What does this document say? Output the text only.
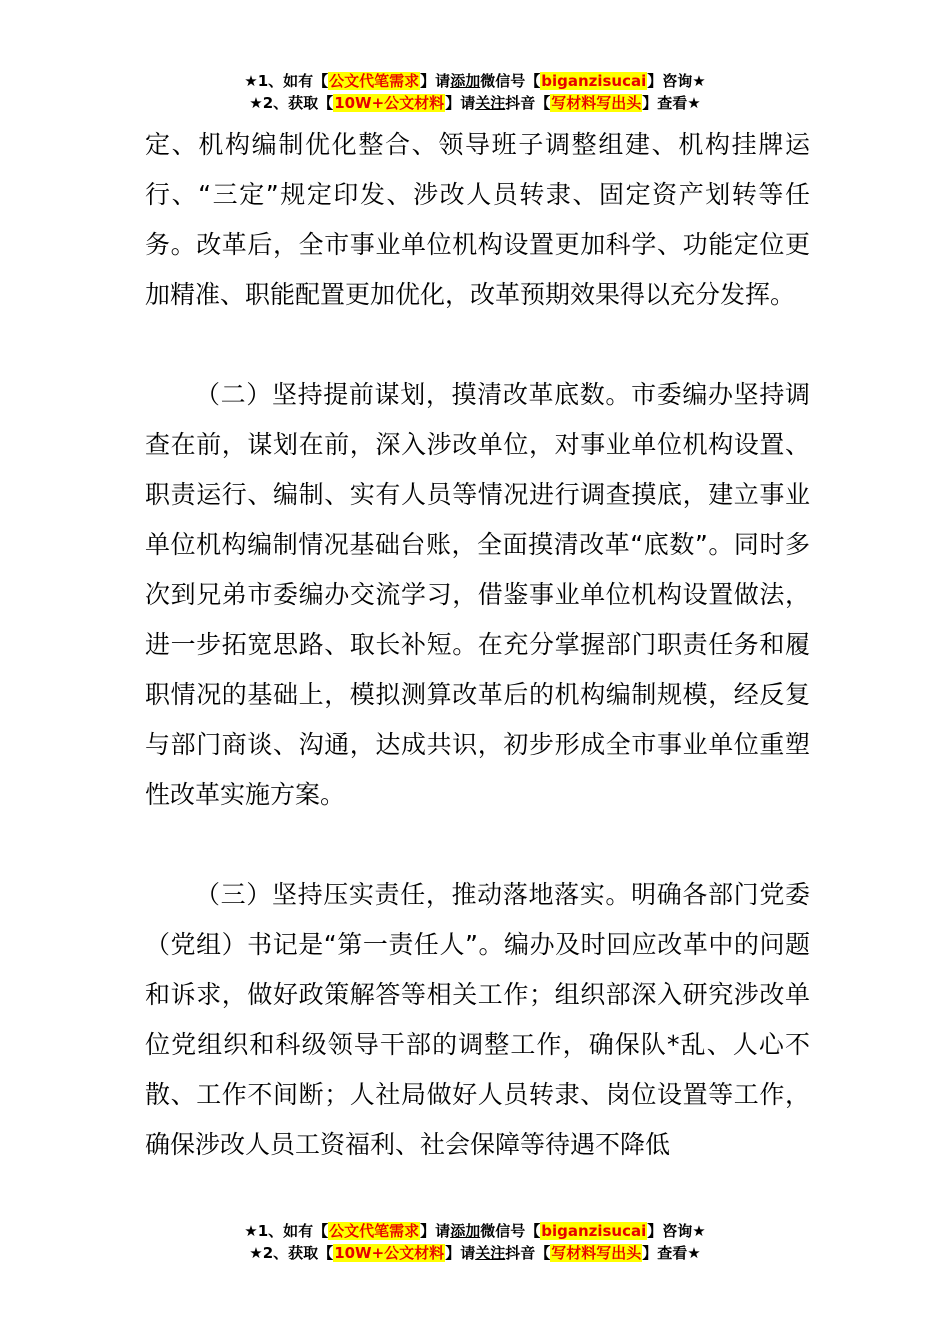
★1、如有【公文代笔需求】请添加微信号【biganzisucai】咨询★
★2、获取【10W+公文材料】请关注抖音【写材料写出头】查看★

定、机构编制优化整合、领导班子调整组建、机构挂牌运行、“三定”规定印发、涉改人员转隶、固定资产划转等任务。改革后，全市事业单位机构设置更加科学、功能定位更加精准、职能配置更加优化，改革预期效果得以充分发挥。

（二）坚持提前谋划，摸清改革底数。市委编办坚持调查在前，谋划在前，深入涉改单位，对事业单位机构设置、职责运行、编制、实有人员等情况进行调查摸底，建立事业单位机构编制情况基础台账，全面摸清改革“底数”。同时多次到兄弟市委编办交流学习，借鉴事业单位机构设置做法，进一步拓宽思路、取长补短。在充分掌握部门职责任务和履职情况的基础上，模拟测算改革后的机构编制规模，经反复与部门商谈、沟通，达成共识，初步形成全市事业单位重塑性改革实施方案。

（三）坚持压实责任，推动落地落实。明确各部门党委（党组）书记是“第一责任人”。编办及时回应改革中的问题和诉求，做好政策解答等相关工作；组织部深入研究涉改单位党组织和科级领导干部的调整工作，确保队*乱、人心不散、工作不间断；人社局做好人员转隶、岗位设置等工作，确保涉改人员工资福利、社会保障等待遇不降低

★1、如有【公文代笔需求】请添加微信号【biganzisucai】咨询★
★2、获取【10W+公文材料】请关注抖音【写材料写出头】查看★
